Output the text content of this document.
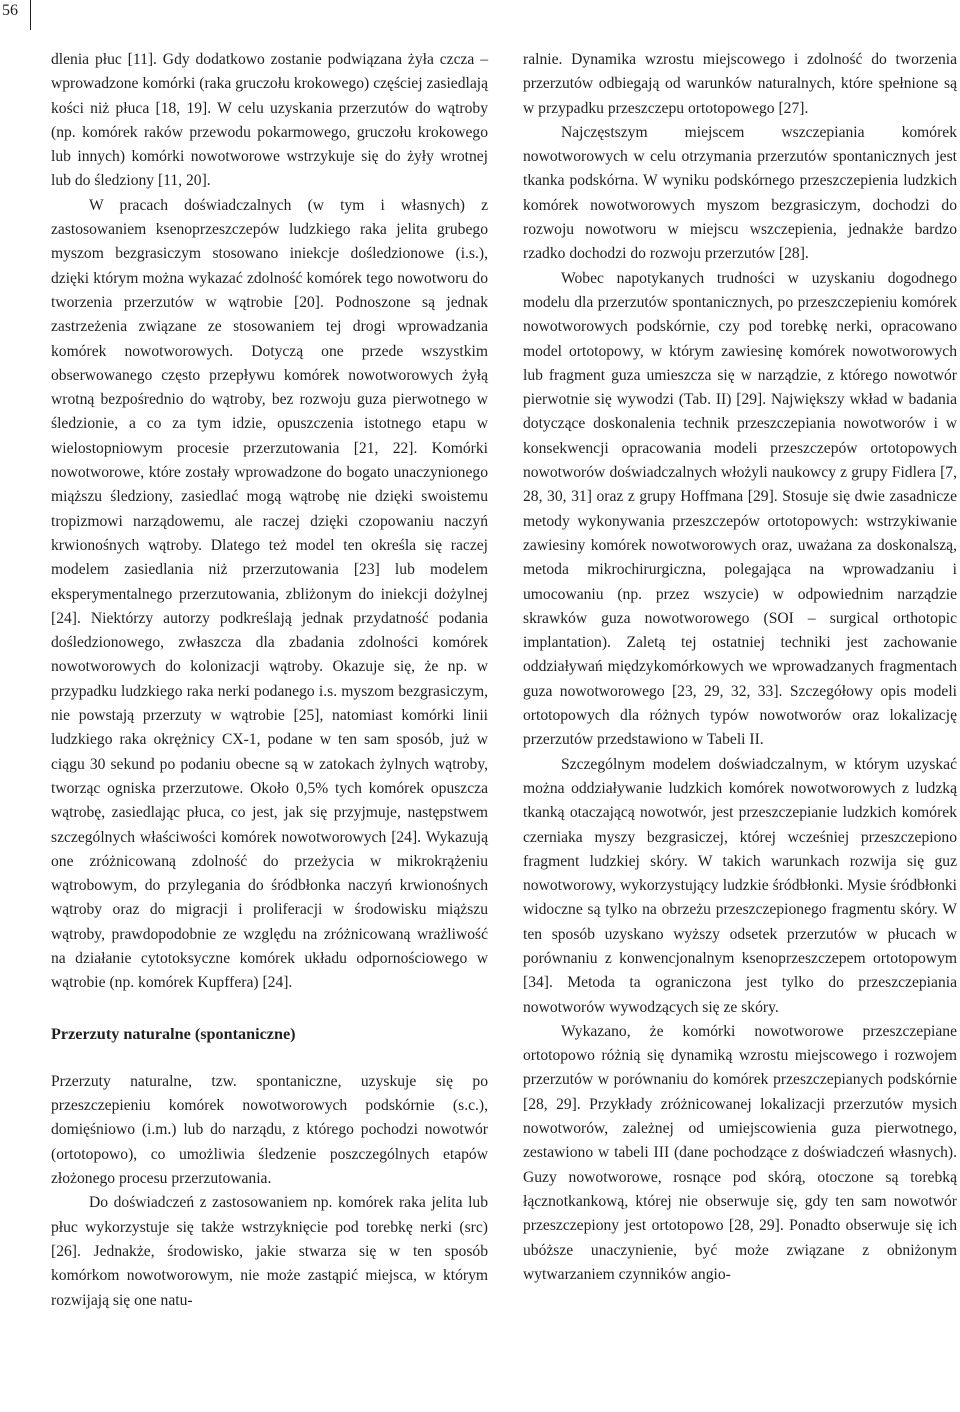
56

dlenia płuc [11]. Gdy dodatkowo zostanie podwiązana żyła czcza – wprowadzone komórki (raka gruczołu krokowego) częściej zasiedlają kości niż płuca [18, 19]. W celu uzyskania przerzutów do wątroby (np. komórek raków przewodu pokarmowego, gruczołu krokowego lub innych) komórki nowotworowe wstrzykuje się do żyły wrotnej lub do śledziony [11, 20].

W pracach doświadczalnych (w tym i własnych) z zastosowaniem ksenoprzeszczepów ludzkiego raka jelita grubego myszom bezgrasiczym stosowano iniekcje dośledzionowe (i.s.), dzięki którym można wykazać zdolność komórek tego nowotworu do tworzenia przerzutów w wątrobie [20]. Podnoszone są jednak zastrzeżenia związane ze stosowaniem tej drogi wprowadzania komórek nowotworowych. Dotyczą one przede wszystkim obserwowanego często przepływu komórek nowotworowych żyłą wrotną bezpośrednio do wątroby, bez rozwoju guza pierwotnego w śledzionie, a co za tym idzie, opuszczenia istotnego etapu w wielostopniowym procesie przerzutowania [21, 22]. Komórki nowotworowe, które zostały wprowadzone do bogato unaczynionego miąższu śledziony, zasiedlać mogą wątrobę nie dzięki swoistemu tropizmowi narządowemu, ale raczej dzięki czopowaniu naczyń krwionośnych wątroby. Dlatego też model ten określa się raczej modelem zasiedlania niż przerzutowania [23] lub modelem eksperymentalnego przerzutowania, zbliżonym do iniekcji dożylnej [24]. Niektórzy autorzy podkreślają jednak przydatność podania dośledzionowego, zwłaszcza dla zbadania zdolności komórek nowotworowych do kolonizacji wątroby. Okazuje się, że np. w przypadku ludzkiego raka nerki podanego i.s. myszom bezgrasiczym, nie powstają przerzuty w wątrobie [25], natomiast komórki linii ludzkiego raka okrężnicy CX-1, podane w ten sam sposób, już w ciągu 30 sekund po podaniu obecne są w zatokach żylnych wątroby, tworząc ogniska przerzutowe. Około 0,5% tych komórek opuszcza wątrobę, zasiedlając płuca, co jest, jak się przyjmuje, następstwem szczególnych właściwości komórek nowotworowych [24]. Wykazują one zróżnicowaną zdolność do przeżycia w mikrokrążeniu wątrobowym, do przylegania do śródbłonka naczyń krwionośnych wątroby oraz do migracji i proliferacji w środowisku miąższu wątroby, prawdopodobnie ze względu na zróżnicowaną wrażliwość na działanie cytotoksyczne komórek układu odpornościowego w wątrobie (np. komórek Kupffera) [24].

Przerzuty naturalne (spontaniczne)

Przerzuty naturalne, tzw. spontaniczne, uzyskuje się po przeszczepieniu komórek nowotworowych podskórnie (s.c.), domięśniowo (i.m.) lub do narządu, z którego pochodzi nowotwór (ortotopowo), co umożliwia śledzenie poszczególnych etapów złożonego procesu przerzutowania.

Do doświadczeń z zastosowaniem np. komórek raka jelita lub płuc wykorzystuje się także wstrzyknięcie pod torebkę nerki (src) [26]. Jednakże, środowisko, jakie stwarza się w ten sposób komórkom nowotworowym, nie może zastąpić miejsca, w którym rozwijają się one natu-

ralnie. Dynamika wzrostu miejscowego i zdolność do tworzenia przerzutów odbiegają od warunków naturalnych, które spełnione są w przypadku przeszczepu ortotopowego [27].

Najczęstszym miejscem wszczepiania komórek nowotworowych w celu otrzymania przerzutów spontanicznych jest tkanka podskórna. W wyniku podskórnego przeszczepienia ludzkich komórek nowotworowych myszom bezgrasiczym, dochodzi do rozwoju nowotworu w miejscu wszczepienia, jednakże bardzo rzadko dochodzi do rozwoju przerzutów [28].

Wobec napotykanych trudności w uzyskaniu dogodnego modelu dla przerzutów spontanicznych, po przeszczepieniu komórek nowotworowych podskórnie, czy pod torebkę nerki, opracowano model ortotopowy, w którym zawiesinę komórek nowotworowych lub fragment guza umieszcza się w narządzie, z którego nowotwór pierwotnie się wywodzi (Tab. II) [29]. Największy wkład w badania dotyczące doskonalenia technik przeszczepiania nowotworów i w konsekwencji opracowania modeli przeszczepów ortotopowych nowotworów doświadczalnych włożyli naukowcy z grupy Fidlera [7, 28, 30, 31] oraz z grupy Hoffmana [29]. Stosuje się dwie zasadnicze metody wykonywania przeszczepów ortotopowych: wstrzykiwanie zawiesiny komórek nowotworowych oraz, uważana za doskonalszą, metoda mikrochirurgiczna, polegająca na wprowadzaniu i umocowaniu (np. przez wszycie) w odpowiednim narządzie skrawków guza nowotworowego (SOI – surgical orthotopic implantation). Zaletą tej ostatniej techniki jest zachowanie oddziaływań międzykomórkowych we wprowadzanych fragmentach guza nowotworowego [23, 29, 32, 33]. Szczegółowy opis modeli ortotopowych dla różnych typów nowotworów oraz lokalizację przerzutów przedstawiono w Tabeli II.

Szczególnym modelem doświadczalnym, w którym uzyskać można oddziaływanie ludzkich komórek nowotworowych z ludzką tkanką otaczającą nowotwór, jest przeszczepianie ludzkich komórek czerniaka myszy bezgrasiczej, której wcześniej przeszczepiono fragment ludzkiej skóry. W takich warunkach rozwija się guz nowotworowy, wykorzystujący ludzkie śródbłonki. Mysie śródbłonki widoczne są tylko na obrzeżu przeszczepionego fragmentu skóry. W ten sposób uzyskano wyższy odsetek przerzutów w płucach w porównaniu z konwencjonalnym ksenoprzeszczepem ortotopowym [34]. Metoda ta ograniczona jest tylko do przeszczepiania nowotworów wywodzących się ze skóry.

Wykazano, że komórki nowotworowe przeszczepiane ortotopowo różnią się dynamiką wzrostu miejscowego i rozwojem przerzutów w porównaniu do komórek przeszczepianych podskórnie [28, 29]. Przykłady zróżnicowanej lokalizacji przerzutów mysich nowotworów, zależnej od umiejscowienia guza pierwotnego, zestawiono w tabeli III (dane pochodzące z doświadczeń własnych). Guzy nowotworowe, rosnące pod skórą, otoczone są torebką łącznotkankową, której nie obserwuje się, gdy ten sam nowotwór przeszczepiony jest ortotopowo [28, 29]. Ponadto obserwuje się ich ubóższe unaczynienie, być może związane z obniżonym wytwarzaniem czynników angio-
